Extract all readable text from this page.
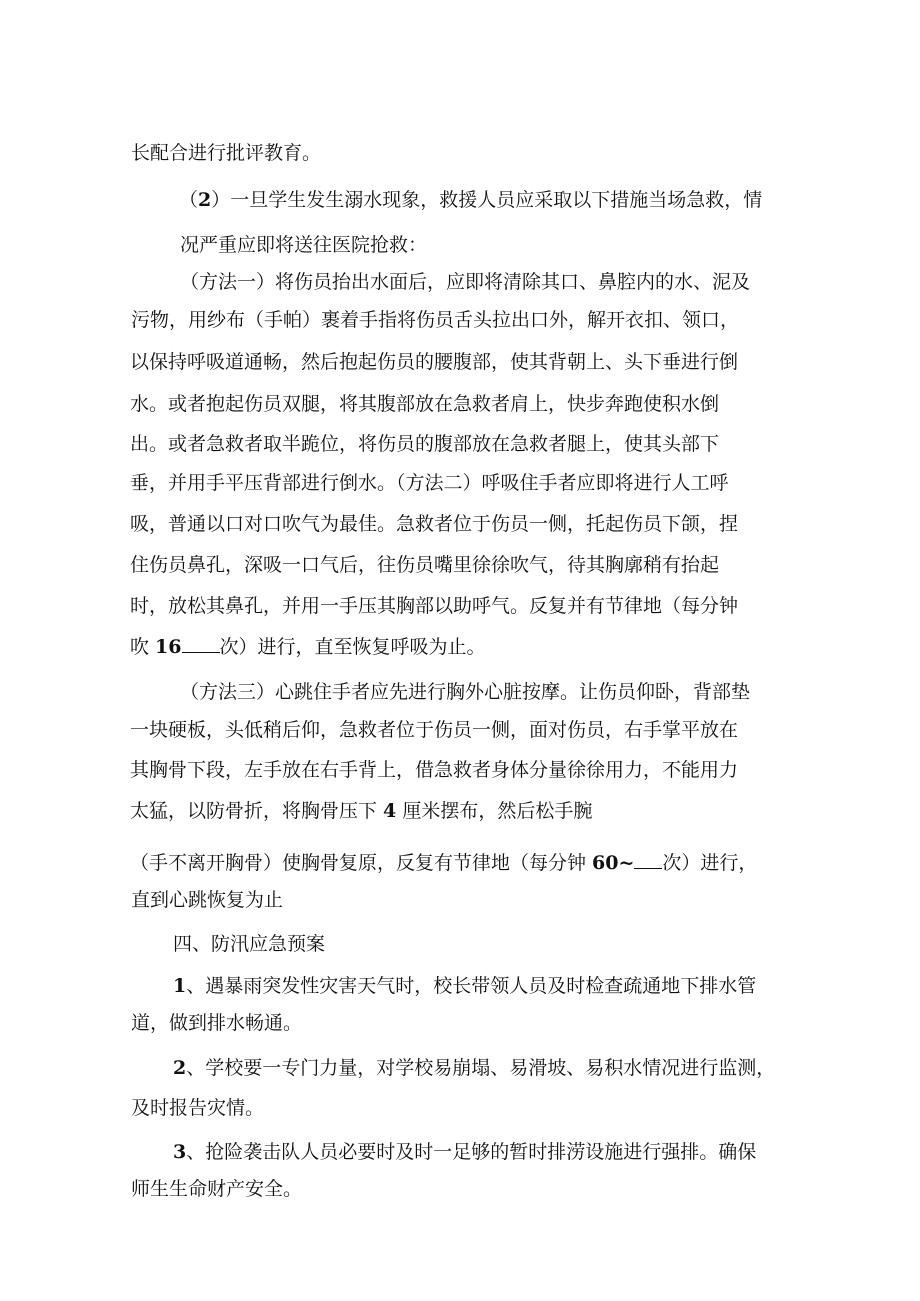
长配合进行批评教育。
（2）一旦学生发生溺水现象，救援人员应采取以下措施当场急救，情
况严重应即将送往医院抢救：
（方法一）将伤员抬出水面后，应即将清除其口、鼻腔内的水、泥及
污物，用纱布（手帕）裹着手指将伤员舌头拉出口外，解开衣扣、领口，
以保持呼吸道通畅，然后抱起伤员的腰腹部，使其背朝上、头下垂进行倒
水。或者抱起伤员双腿，将其腹部放在急救者肩上，快步奔跑使积水倒
出。或者急救者取半跪位，将伤员的腹部放在急救者腿上，使其头部下
垂，并用手平压背部进行倒水。（方法二）呼吸住手者应即将进行人工呼
吸，普通以口对口吹气为最佳。急救者位于伤员一侧，托起伤员下颌，捏
住伤员鼻孔，深吸一口气后，往伤员嘴里徐徐吹气，待其胸廓稍有抬起
时，放松其鼻孔，并用一手压其胸部以助呼气。反复并有节律地（每分钟
吹 16 次）进行，直至恢复呼吸为止。
（方法三）心跳住手者应先进行胸外心脏按摩。让伤员仰卧，背部垫
一块硬板，头低稍后仰，急救者位于伤员一侧，面对伤员，右手掌平放在
其胸骨下段，左手放在右手背上，借急救者身体分量徐徐用力，不能用力
太猛，以防骨折，将胸骨压下 4 厘米摆布，然后松手腕
（手不离开胸骨）使胸骨复原，反复有节律地（每分钟 60~ 次）进行，
直到心跳恢复为止
四、防汛应急预案
1、遇暴雨突发性灾害天气时，校长带领人员及时检查疏通地下排水管
道，做到排水畅通。
2、学校要一专门力量，对学校易崩塌、易滑坡、易积水情况进行监测，
及时报告灾情。
3、抢险袭击队人员必要时及时一足够的暂时排涝设施进行强排。确保
师生生命财产安全。
